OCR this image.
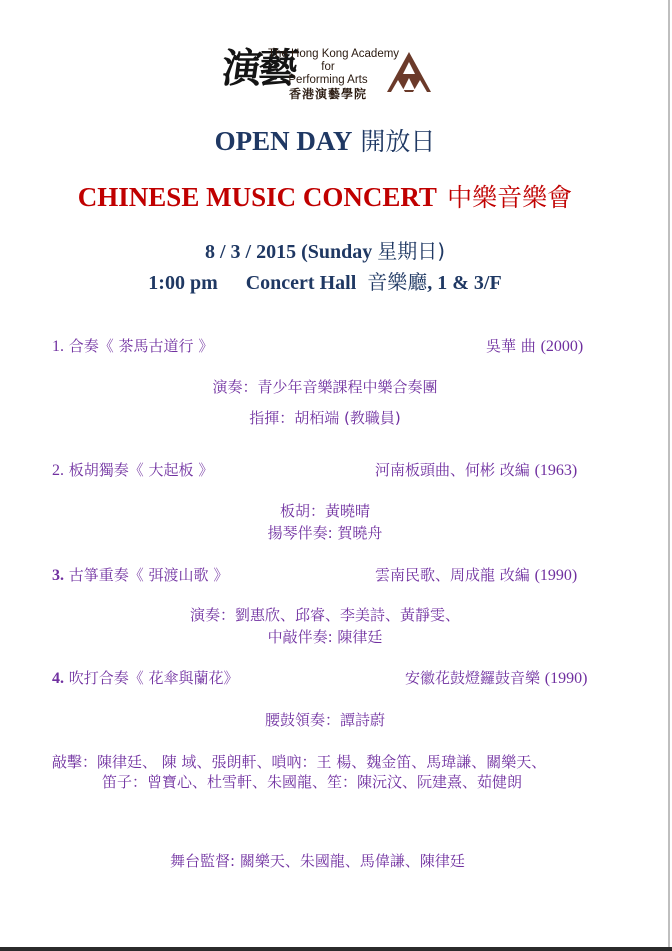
演藝
The Hong Kong Academy
for
Performing Arts
香港演藝學院
OPEN DAY 開放日
CHINESE MUSIC CONCERT 中樂音樂會
8 / 3 / 2015 (Sunday 星期日)
1:00 pm Concert Hall 音樂廳, 1 & 3/F
1. 合奏《 茶馬古道行 》	吳華 曲 (2000)
演奏：青少年音樂課程中樂合奏團
指揮：胡栢端 (教職員)
2. 板胡獨奏《 大起板 》	河南板頭曲、何彬 改編 (1963)
板胡：黃曉晴
揚琴伴奏: 賀曉舟
3. 古箏重奏《 弭渡山歌 》	雲南民歌、周成龍 改編 (1990)
演奏：劉惠欣、邱睿、李美詩、黃靜雯、
中敲伴奏: 陳律廷
4. 吹打合奏《 花傘與蘭花》	安徽花鼓燈鑼鼓音樂 (1990)
腰鼓領奏：譚詩蔚
敲擊：陳律廷、 陳 域、張朗軒、嗩吶：王 楊、魏金笛、馬瑋謙、關樂天、
笛子：曾寶心、杜雪軒、朱國龍、笙：陳沅汶、阮建熹、茹健朗
舞台監督: 關樂天、朱國龍、馬偉謙、陳律廷
